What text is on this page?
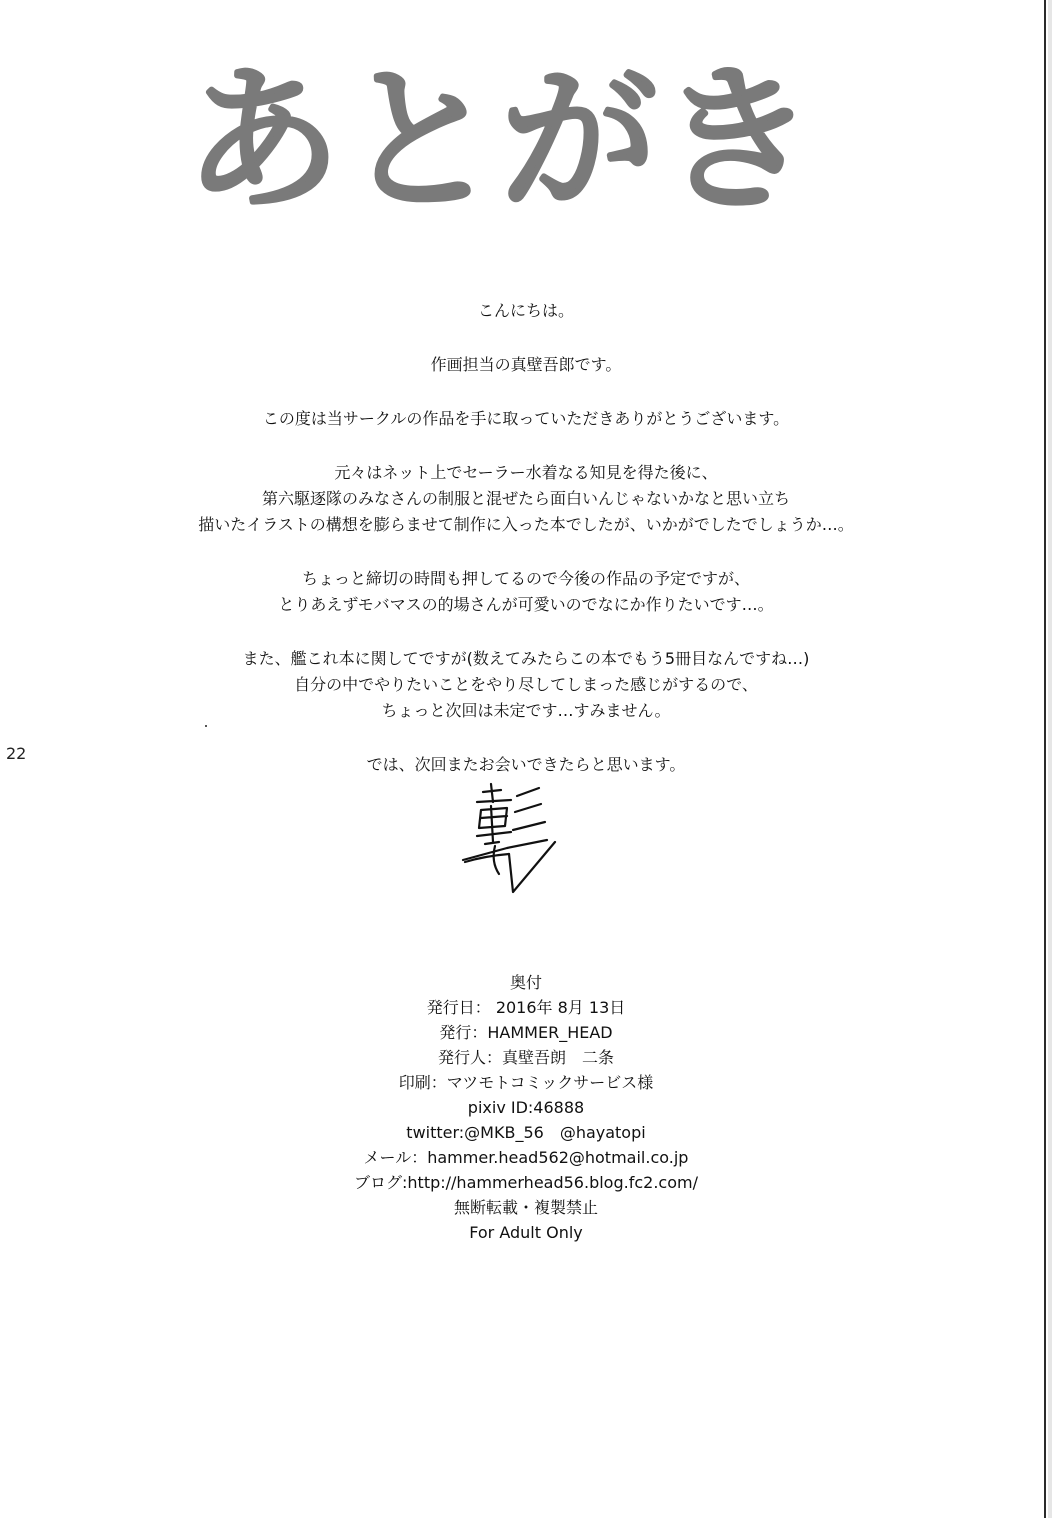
あとがき

こんにちは。

作画担当の真壁吾郎です。

この度は当サークルの作品を手に取っていただきありがとうございます。

元々はネット上でセーラー水着なる知見を得た後に、
第六駆逐隊のみなさんの制服と混ぜたら面白いんじゃないかなと思い立ち
描いたイラストの構想を膨らませて制作に入った本でしたが、いかがでしたでしょうか…。

ちょっと締切の時間も押してるので今後の作品の予定ですが、
とりあえずモバマスの的場さんが可愛いのでなにか作りたいです…。

また、艦これ本に関してですが(数えてみたらこの本でもう5冊目なんですね…)
自分の中でやりたいことをやり尽してしまった感じがするので、
ちょっと次回は未定です…すみません。

では、次回またお会いできたらと思います。

22
奥付
発行日： 2016年 8月 13日
発行：HAMMER_HEAD
発行人：真壁吾朗　二条
印刷：マツモトコミックサービス様
pixiv ID:46888
twitter:@MKB_56　@hayatopi
メール：hammer.head562@hotmail.co.jp
ブログ:http://hammerhead56.blog.fc2.com/
無断転載・複製禁止
For Adult Only
